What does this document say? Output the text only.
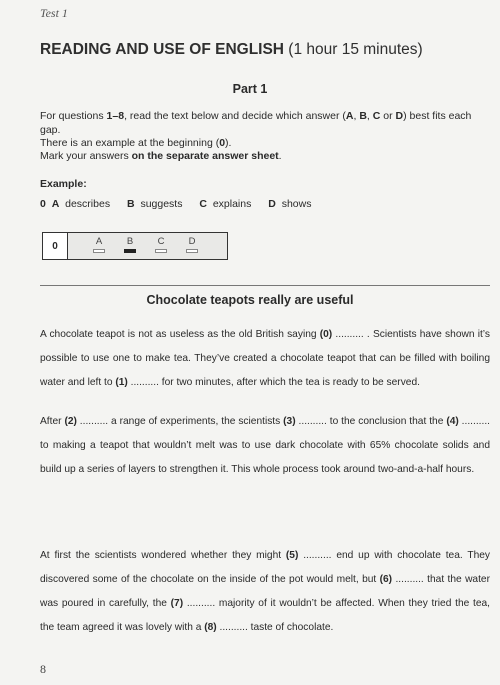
Test 1
READING AND USE OF ENGLISH (1 hour 15 minutes)
Part 1
For questions 1–8, read the text below and decide which answer (A, B, C or D) best fits each gap.
There is an example at the beginning (0).
Mark your answers on the separate answer sheet.
Example:
0 A describes B suggests C explains D shows
0	A	B	C	D
Chocolate teapots really are useful
A chocolate teapot is not as useless as the old British saying (0) .......... . Scientists have shown it’s possible to use one to make tea. They’ve created a chocolate teapot that can be filled with boiling water and left to (1) .......... for two minutes, after which the tea is ready to be served.
After (2) .......... a range of experiments, the scientists (3) .......... to the conclusion that the (4) .......... to making a teapot that wouldn’t melt was to use dark chocolate with 65% chocolate solids and build up a series of layers to strengthen it. This whole process took around two-and-a-half hours.
At first the scientists wondered whether they might (5) .......... end up with chocolate tea. They discovered some of the chocolate on the inside of the pot would melt, but (6) .......... that the water was poured in carefully, the (7) .......... majority of it wouldn’t be affected. When they tried the tea, the team agreed it was lovely with a (8) .......... taste of chocolate.
8
